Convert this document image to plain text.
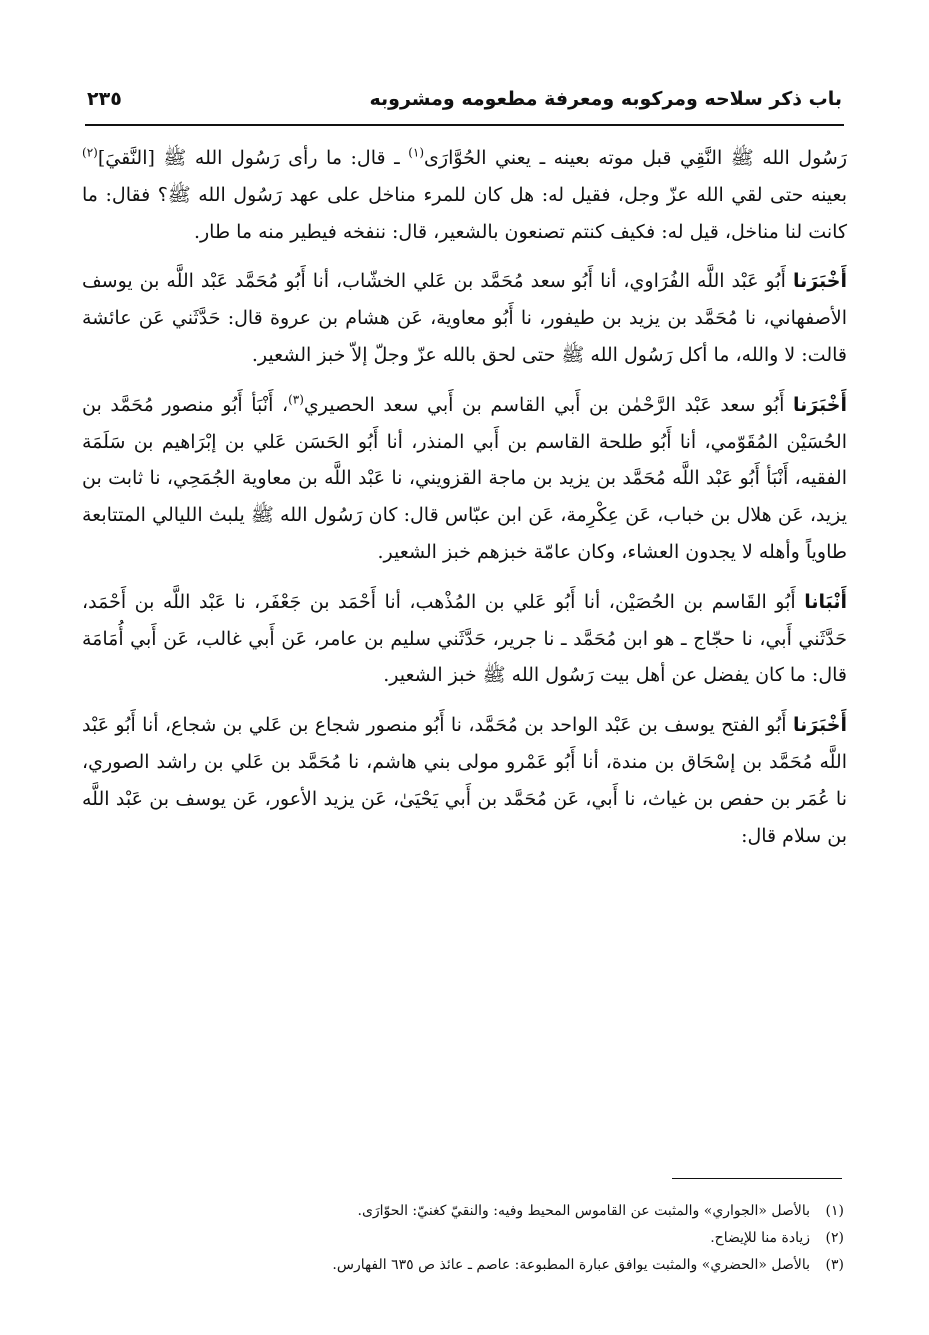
باب ذكر سلاحه ومركوبه ومعرفة مطعومه ومشروبه
٢٣٥

رَسُول الله ﷺ النَّقِي قبل موته بعينه ـ يعني الحُوَّارَى$^{(١)}$ ـ قال: ما رأى رَسُول الله ﷺ [النَّقيَ]$^{(٢)}$ بعينه حتى لقي الله عزّ وجل، فقيل له: هل كان للمرء مناخل على عهد رَسُول الله ﷺ؟ فقال: ما كانت لنا مناخل، قيل له: فكيف كنتم تصنعون بالشعير، قال: ننفخه فيطير منه ما طار.

أَخْبَرَنا أَبُو عَبْد اللَّه الفُرَاوي، أنا أَبُو سعد مُحَمَّد بن عَلي الخشّاب، أنا أَبُو مُحَمَّد عَبْد اللَّه بن يوسف الأصفهاني، نا مُحَمَّد بن يزيد بن طيفور، نا أَبُو معاوية، عَن هشام بن عروة قال: حَدَّثَني عَن عائشة قالت: لا والله، ما أكل رَسُول الله ﷺ حتى لحق بالله عزّ وجلّ إلاّ خبز الشعير.

أَخْبَرَنا أَبُو سعد عَبْد الرَّحْمٰن بن أَبي القاسم بن أَبي سعد الحصيري$^{(٣)}$، أَنْبَأ أَبُو منصور مُحَمَّد بن الحُسَيْن المُقَوّمي، أنا أَبُو طلحة القاسم بن أَبي المنذر، أنا أَبُو الحَسَن عَلي بن إبْرَاهيم بن سَلَمَة الفقيه، أَنْبَأ أَبُو عَبْد اللَّه مُحَمَّد بن يزيد بن ماجة القزويني، نا عَبْد اللَّه بن معاوية الجُمَحِي، نا ثابت بن يزيد، عَن هلال بن خباب، عَن عِكْرِمة، عَن ابن عبّاس قال: كان رَسُول الله ﷺ يلبث الليالي المتتابعة طاوياً وأهله لا يجدون العشاء، وكان عامّة خبزهم خبز الشعير.

أَنْبَانا أَبُو القَاسم بن الحُصَيْن، أنا أَبُو عَلي بن المُذْهب، أنا أَحْمَد بن جَعْفَر، نا عَبْد اللَّه بن أَحْمَد، حَدَّثَني أَبي، نا حجّاج ـ هو ابن مُحَمَّد ـ نا جرير، حَدَّثَني سليم بن عامر، عَن أَبي غالب، عَن أَبي أُمَامَة قال: ما كان يفضل عن أهل بيت رَسُول الله ﷺ خبز الشعير.

أَخْبَرَنا أَبُو الفتح يوسف بن عَبْد الواحد بن مُحَمَّد، نا أَبُو منصور شجاع بن عَلي بن شجاع، أنا أَبُو عَبْد اللَّه مُحَمَّد بن إسْحَاق بن مندة، أنا أَبُو عَمْرو مولى بني هاشم، نا مُحَمَّد بن عَلي بن راشد الصوري، نا عُمَر بن حفص بن غياث، نا أَبي، عَن مُحَمَّد بن أَبي يَحْيَىٰ، عَن يزيد الأعور، عَن يوسف بن عَبْد اللَّه بن سلام قال:

(١)بالأصل «الجواري» والمثبت عن القاموس المحيط وفيه: والنقيّ كغنيّ: الحوّارَى.
(٢)زيادة منا للإيضاح.
(٣)بالأصل «الحضري» والمثبت يوافق عبارة المطبوعة: عاصم ـ عائذ ص ٦٣٥ الفهارس.
